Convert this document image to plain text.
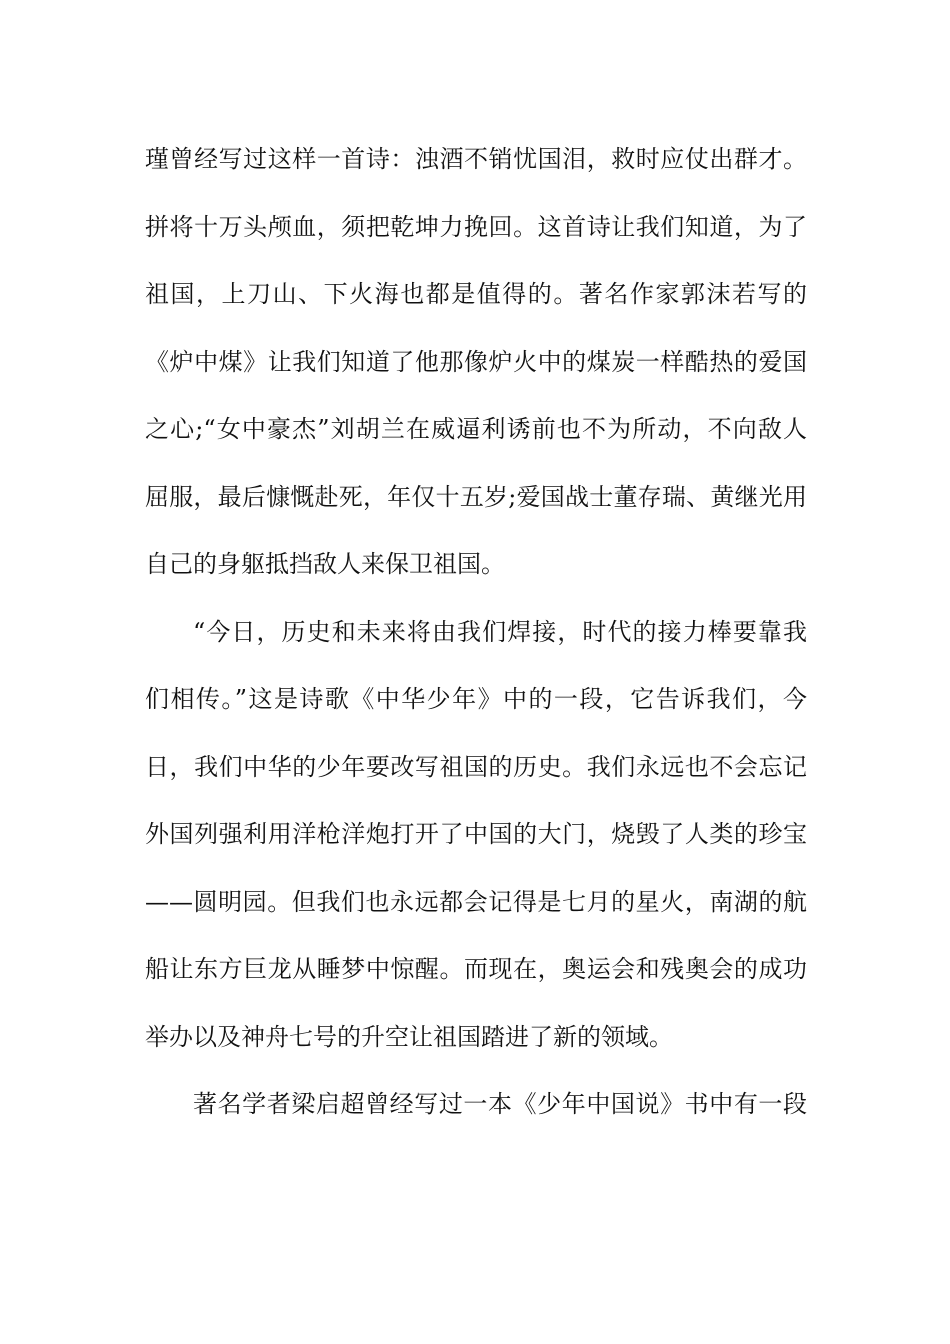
瑾曾经写过这样一首诗：浊酒不销忧国泪，救时应仗出群才。
拼将十万头颅血，须把乾坤力挽回。这首诗让我们知道，为了
祖国，上刀山、下火海也都是值得的。著名作家郭沫若写的
《炉中煤》让我们知道了他那像炉火中的煤炭一样酷热的爱国
之心;“女中豪杰”刘胡兰在威逼利诱前也不为所动，不向敌人
屈服，最后慷慨赴死，年仅十五岁;爱国战士董存瑞、黄继光用
自己的身躯抵挡敌人来保卫祖国。
“今日，历史和未来将由我们焊接，时代的接力棒要靠我
们相传。”这是诗歌《中华少年》中的一段，它告诉我们，今
日，我们中华的少年要改写祖国的历史。我们永远也不会忘记
外国列强利用洋枪洋炮打开了中国的大门，烧毁了人类的珍宝
——圆明园。但我们也永远都会记得是七月的星火，南湖的航
船让东方巨龙从睡梦中惊醒。而现在，奥运会和残奥会的成功
举办以及神舟七号的升空让祖国踏进了新的领域。
著名学者梁启超曾经写过一本《少年中国说》书中有一段
